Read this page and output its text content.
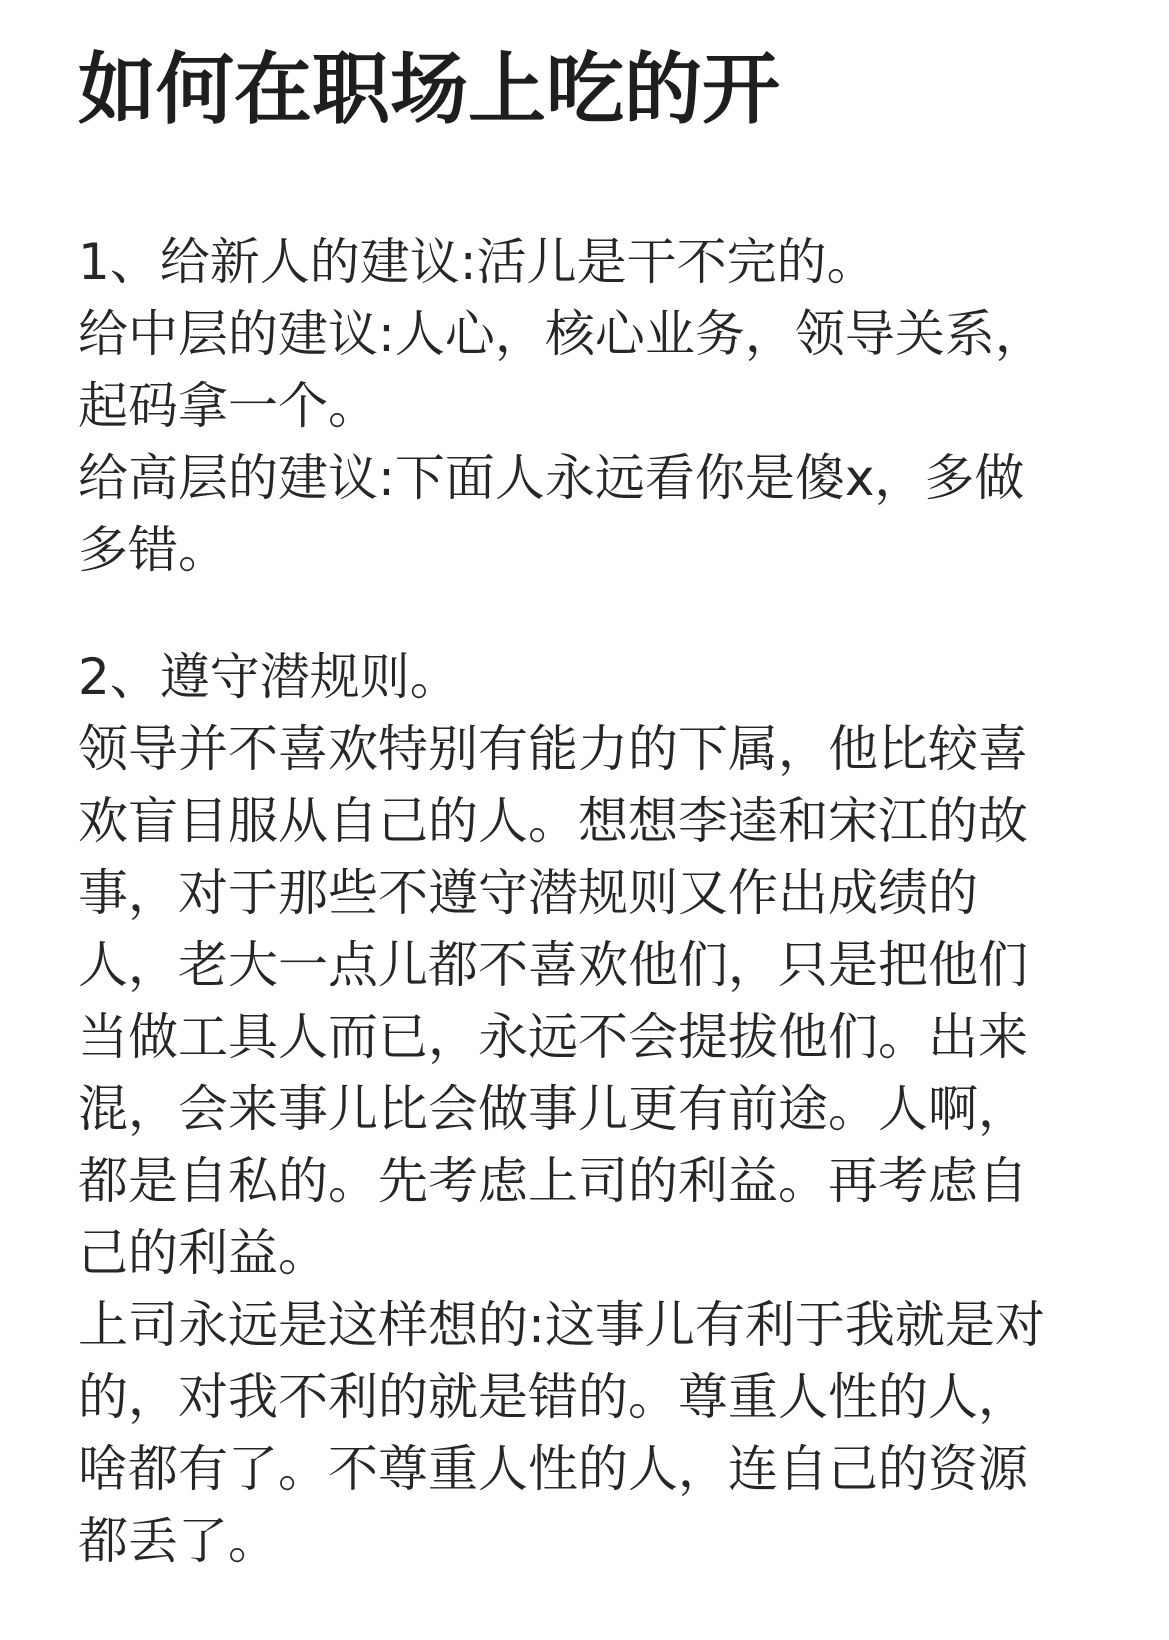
如何在职场上吃的开
1、给新人的建议:活儿是干不完的。
给中层的建议:人心，核心业务，领导关系，
起码拿一个。
给高层的建议:下面人永远看你是傻x，多做
多错。
2、遵守潜规则。
领导并不喜欢特别有能力的下属，他比较喜
欢盲目服从自己的人。想想李逵和宋江的故
事，对于那些不遵守潜规则又作出成绩的
人，老大一点儿都不喜欢他们，只是把他们
当做工具人而已，永远不会提拔他们。出来
混，会来事儿比会做事儿更有前途。人啊，
都是自私的。先考虑上司的利益。再考虑自
己的利益。
上司永远是这样想的:这事儿有利于我就是对
的，对我不利的就是错的。尊重人性的人，
啥都有了。不尊重人性的人，连自己的资源
都丢了。
